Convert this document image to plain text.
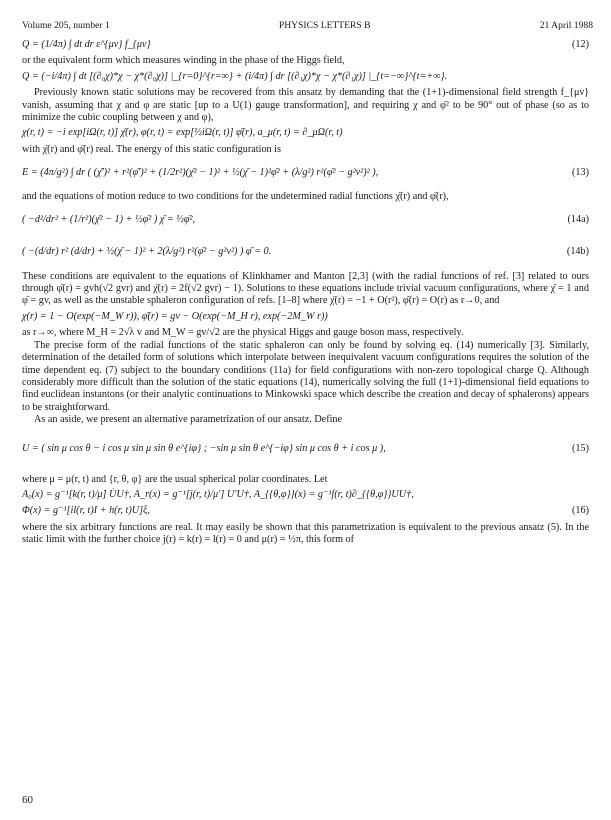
Volume 205, number 1	PHYSICS LETTERS B	21 April 1988
Q = (1/4π) ∫ dt dr ε^{μν} f_{μν}	(12)

or the equivalent form which measures winding in the phase of the Higgs field,

Q = (−i/4π) ∫ dt [(∂₀χ)*χ − χ*(∂₀χ)] |_{r=0}^{r=∞} + (i/4π) ∫ dr [(∂₁χ)*χ − χ*(∂₁χ)] |_{t=−∞}^{t=+∞}.

Previously known static solutions may be recovered from this ansatz by demanding that the (1+1)-dimensional field strength f_{μν} vanish, assuming that χ and φ are static [up to a U(1) gauge transformation], and requiring χ and φ̄² to be 90° out of phase (so as to minimize the cubic coupling between χ and φ),

χ(r, t) = −i exp[iΩ(r, t)] χ̄(r), φ(r, t) = exp[½iΩ(r, t)] φ̄(r), a_μ(r, t) = ∂_μΩ(r, t)

with χ̄(r) and φ̄(r) real. The energy of this static configuration is

E = (4π/g²) ∫ dr ( (χ̄′)² + r²(φ̄′)² + (1/2r²)(χ̄² − 1)² + ½(χ̄ − 1)²φ̄² + (λ/g²) r²(φ̄² − g²v²)² ),	(13)

and the equations of motion reduce to two conditions for the undetermined radial functions χ̄(r) and φ̄(r),

( −d²/dr² + (1/r²)(χ̄² − 1) + ½φ̄² ) χ̄ = ½φ̄²,	(14a)
( −(d/dr) r² (d/dr) + ½(χ̄ − 1)² + 2(λ/g²) r²(φ̄² − g²v²) ) φ̄ = 0.	(14b)

These conditions are equivalent to the equations of Klinkhamer and Manton [2,3] (with the radial functions of ref. [3] related to ours through φ̄(r) = gvh(√2 gvr) and χ̄(r) = 2f(√2 gvr) − 1). Solutions to these equations include trivial vacuum configurations, where χ̄ = 1 and φ̄ = gv, as well as the unstable sphaleron configuration of refs. [1–8] where χ̄(r) = −1 + O(r²), φ̄(r) = O(r) as r→0, and

χ(r) = 1 − O(exp(−M_W r)), φ̄(r) = gv − O(exp(−M_H r), exp(−2M_W r))

as r→∞, where M_H = 2√λ v and M_W = gv/√2 are the physical Higgs and gauge boson mass, respectively.

The precise form of the radial functions of the static sphaleron can only be found by solving eq. (14) numerically [3]. Similarly, determination of the detailed form of solutions which interpolate between inequivalent vacuum configurations requires the solution of the time dependent eq. (7) subject to the boundary conditions (11a) for field configurations with non-zero topological charge Q. Although considerably more difficult than the solution of the static equations (14), numerically solving the full (1+1)-dimensional field equations to find euclidean instantons (or their analytic continuations to Minkowski space which describe the creation and decay of sphalerons) appears to be straightforward.

As an aside, we present an alternative parametrization of our ansatz. Define

U = ( sin μ cos θ − i cos μ sin μ sin θ e^{iφ} ; −sin μ sin θ e^{−iφ} sin μ cos θ + i cos μ ),	(15)

where μ = μ(r, t) and {r, θ, φ} are the usual spherical polar coordinates. Let

A₀(x) = g⁻¹[k(r, t)/μ̇] U̇U†, A_r(x) = g⁻¹[j(r, t)/μ′] U′U†, A_{{θ,φ}}(x) = g⁻¹f(r, t)∂_{{θ,φ}}UU†,
Φ(x) = g⁻¹[il(r, t)I + h(r, t)U]ξ,	(16)

where the six arbitrary functions are real. It may easily be shown that this parametrization is equivalent to the previous ansatz (5). In the static limit with the further choice j(r) = k(r) = l(r) = 0 and μ(r) = ½π, this form of

60
